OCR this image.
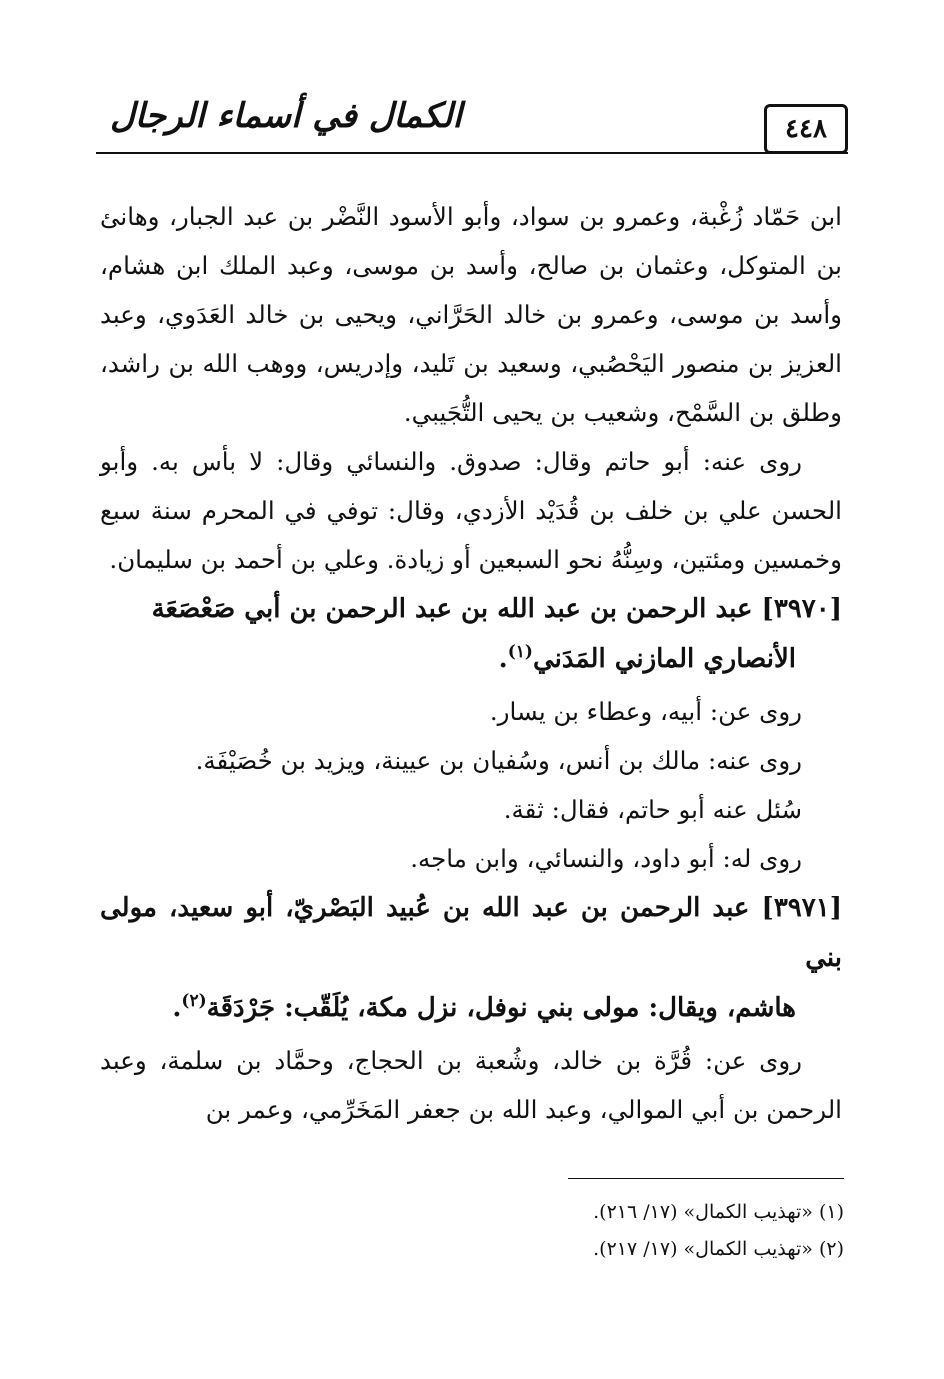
الكمال في أسماء الرجال	٤٤٨

ابن حَمّاد زُغْبة، وعمرو بن سواد، وأبو الأسود النَّضْر بن عبد الجبار، وهانئ بن المتوكل، وعثمان بن صالح، وأسد بن موسى، وعبد الملك ابن هشام، وأسد بن موسى، وعمرو بن خالد الحَرَّاني، ويحيى بن خالد العَدَوي، وعبد العزيز بن منصور اليَحْصُبي، وسعيد بن تَليد، وإدريس، ووهب الله بن راشد، وطلق بن السَّمْح، وشعيب بن يحيى التُّجَيبي.

روى عنه: أبو حاتم وقال: صدوق. والنسائي وقال: لا بأس به. وأبو الحسن علي بن خلف بن قُدَيْد الأزدي، وقال: توفي في المحرم سنة سبع وخمسين ومئتين، وسِنُّهُ نحو السبعين أو زيادة. وعلي بن أحمد بن سليمان.

[٣٩٧٠] عبد الرحمن بن عبد الله بن عبد الرحمن بن أبي صَعْصَعَة
الأنصاري المازني المَدَني$^{(١)}$.

روى عن: أبيه، وعطاء بن يسار.

روى عنه: مالك بن أنس، وسُفيان بن عيينة، ويزيد بن خُصَيْفَة.

سُئل عنه أبو حاتم، فقال: ثقة.

روى له: أبو داود، والنسائي، وابن ماجه.

[٣٩٧١] عبد الرحمن بن عبد الله بن عُبيد البَصْريّ، أبو سعيد، مولى بني
هاشم، ويقال: مولى بني نوفل، نزل مكة، يُلَقّب: جَرْدَقَة$^{(٢)}$.

روى عن: قُرَّة بن خالد، وشُعبة بن الحجاج، وحمَّاد بن سلمة، وعبد الرحمن بن أبي الموالي، وعبد الله بن جعفر المَخَرِّمي، وعمر بن

(١) «تهذيب الكمال» (١٧/ ٢١٦).

(٢) «تهذيب الكمال» (١٧/ ٢١٧).
